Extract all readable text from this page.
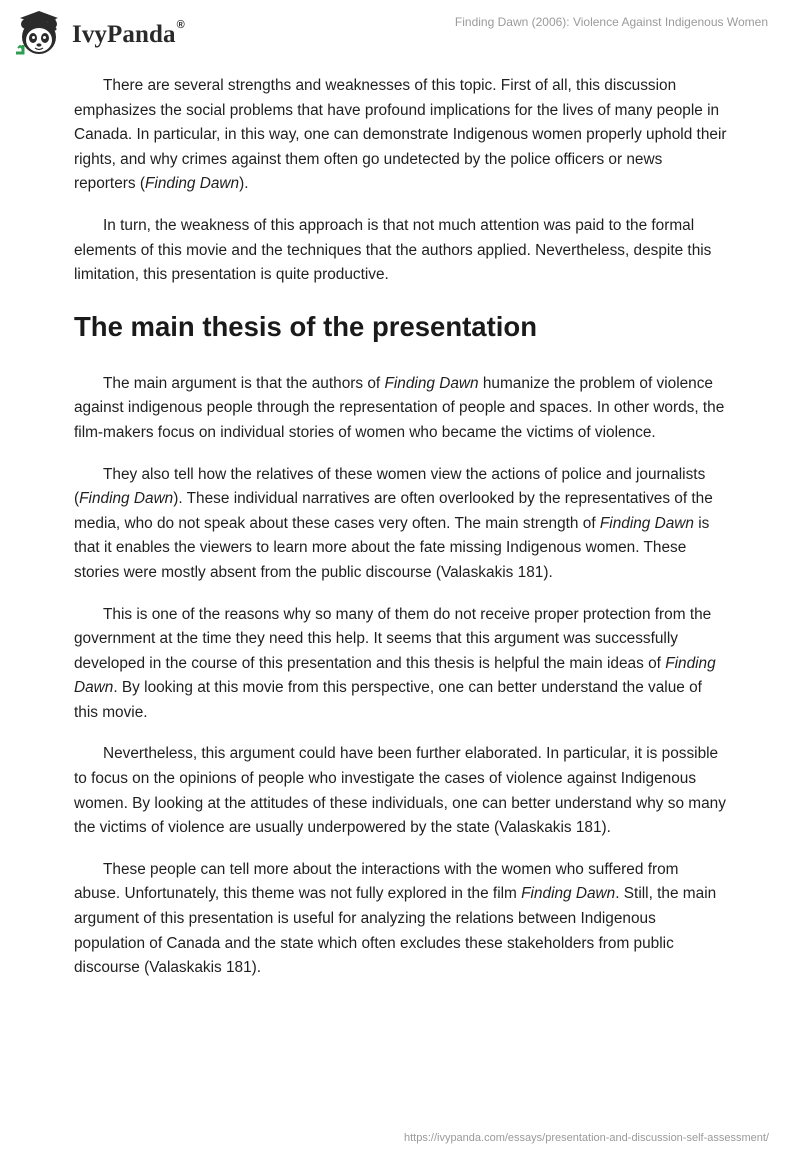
IvyPanda®	Finding Dawn (2006): Violence Against Indigenous Women

There are several strengths and weaknesses of this topic. First of all, this discussion emphasizes the social problems that have profound implications for the lives of many people in Canada. In particular, in this way, one can demonstrate Indigenous women properly uphold their rights, and why crimes against them often go undetected by the police officers or news reporters (Finding Dawn).

In turn, the weakness of this approach is that not much attention was paid to the formal elements of this movie and the techniques that the authors applied. Nevertheless, despite this limitation, this presentation is quite productive.

The main thesis of the presentation

The main argument is that the authors of Finding Dawn humanize the problem of violence against indigenous people through the representation of people and spaces. In other words, the film-makers focus on individual stories of women who became the victims of violence.

They also tell how the relatives of these women view the actions of police and journalists (Finding Dawn). These individual narratives are often overlooked by the representatives of the media, who do not speak about these cases very often. The main strength of Finding Dawn is that it enables the viewers to learn more about the fate missing Indigenous women. These stories were mostly absent from the public discourse (Valaskakis 181).

This is one of the reasons why so many of them do not receive proper protection from the government at the time they need this help. It seems that this argument was successfully developed in the course of this presentation and this thesis is helpful the main ideas of Finding Dawn. By looking at this movie from this perspective, one can better understand the value of this movie.

Nevertheless, this argument could have been further elaborated. In particular, it is possible to focus on the opinions of people who investigate the cases of violence against Indigenous women. By looking at the attitudes of these individuals, one can better understand why so many the victims of violence are usually underpowered by the state (Valaskakis 181).

These people can tell more about the interactions with the women who suffered from abuse. Unfortunately, this theme was not fully explored in the film Finding Dawn. Still, the main argument of this presentation is useful for analyzing the relations between Indigenous population of Canada and the state which often excludes these stakeholders from public discourse (Valaskakis 181).

https://ivypanda.com/essays/presentation-and-discussion-self-assessment/
